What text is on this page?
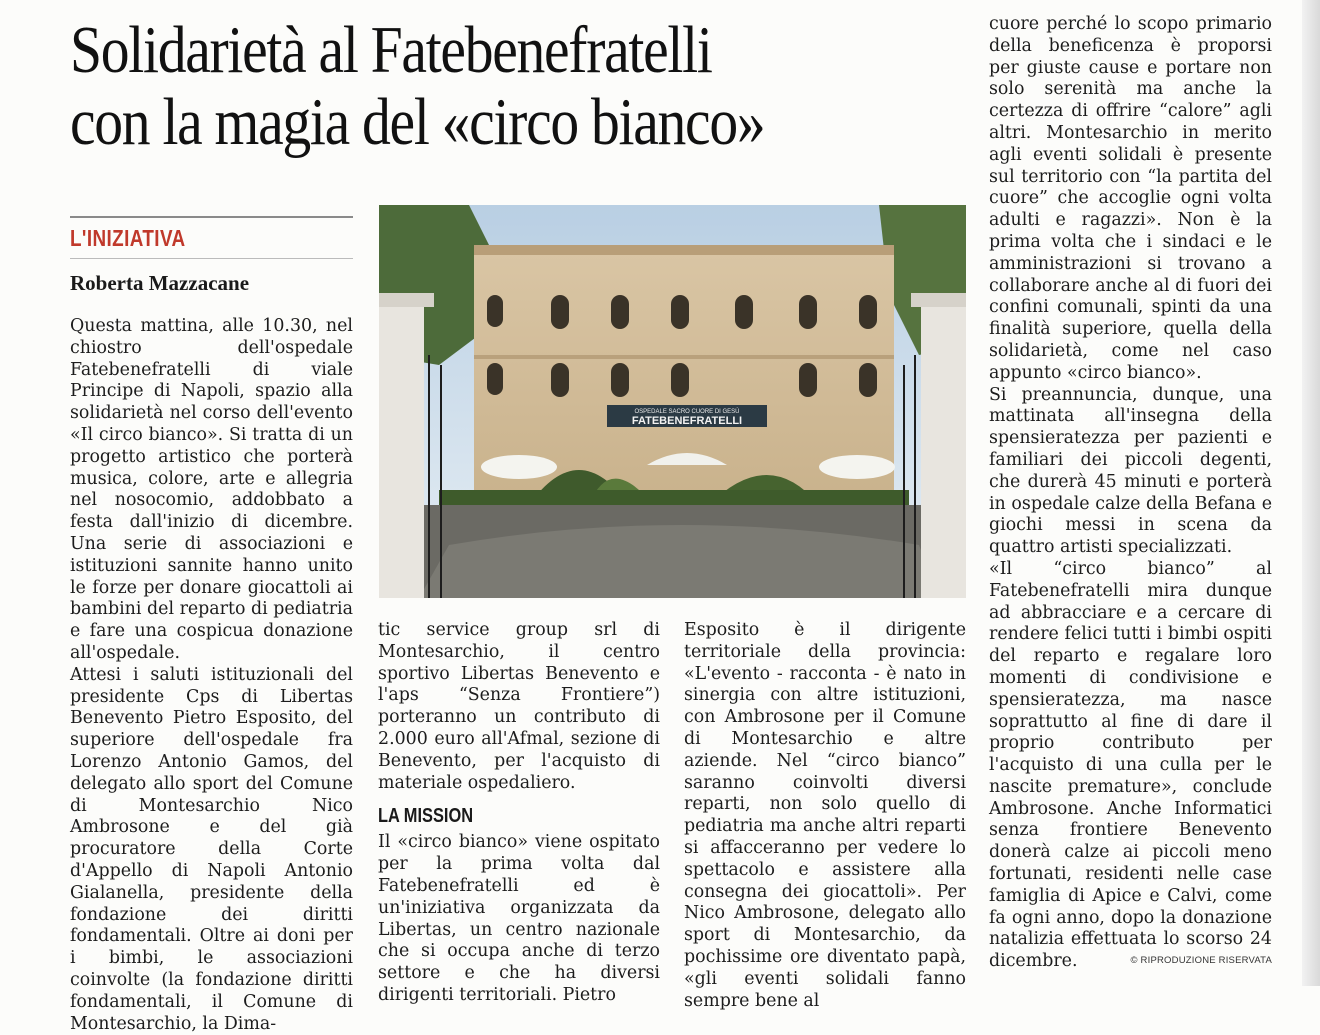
Solidarietà al Fatebenefratelli
con la magia del «circo bianco»
L'INIZIATIVA
Roberta Mazzacane

Questa mattina, alle 10.30, nel chiostro dell'ospedale Fatebenefratelli di viale Principe di Napoli, spazio alla solidarietà nel corso dell'evento «Il circo bianco». Si tratta di un progetto artistico che porterà musica, colore, arte e allegria nel nosocomio, addobbato a festa dall'inizio di dicembre. Una serie di associazioni e istituzioni sannite hanno unito le forze per donare giocattoli ai bambini del reparto di pediatria e fare una cospicua donazione all'ospedale.

Attesi i saluti istituzionali del presidente Cps di Libertas Benevento Pietro Esposito, del superiore dell'ospedale fra Lorenzo Antonio Gamos, del delegato allo sport del Comune di Montesarchio Nico Ambrosone e del già procuratore della Corte d'Appello di Napoli Antonio Gialanella, presidente della fondazione dei diritti fondamentali. Oltre ai doni per i bimbi, le associazioni coinvolte (la fondazione diritti fondamentali, il Comune di Montesarchio, la Dima-

OSPEDALE SACRO CUORE DI GESÙ
FATEBENEFRATELLI

tic service group srl di Montesarchio, il centro sportivo Libertas Benevento e l'aps “Senza Frontiere”) porteranno un contributo di 2.000 euro all'Afmal, sezione di Benevento, per l'acquisto di materiale ospedaliero.

LA MISSION

Il «circo bianco» viene ospitato per la prima volta dal Fatebenefratelli ed è un'iniziativa organizzata da Libertas, un centro nazionale che si occupa anche di terzo settore e che ha diversi dirigenti territoriali. Pietro

Esposito è il dirigente territoriale della provincia: «L'evento - racconta - è nato in sinergia con altre istituzioni, con Ambrosone per il Comune di Montesarchio e altre aziende. Nel “circo bianco” saranno coinvolti diversi reparti, non solo quello di pediatria ma anche altri reparti si affacceranno per vedere lo spettacolo e assistere alla consegna dei giocattoli». Per Nico Ambrosone, delegato allo sport di Montesarchio, da pochissime ore diventato papà, «gli eventi solidali fanno sempre bene al

cuore perché lo scopo primario della beneficenza è proporsi per giuste cause e portare non solo serenità ma anche la certezza di offrire “calore” agli altri. Montesarchio in merito agli eventi solidali è presente sul territorio con “la partita del cuore” che accoglie ogni volta adulti e ragazzi». Non è la prima volta che i sindaci e le amministrazioni si trovano a collaborare anche al di fuori dei confini comunali, spinti da una finalità superiore, quella della solidarietà, come nel caso appunto «circo bianco».

Si preannuncia, dunque, una mattinata all'insegna della spensieratezza per pazienti e familiari dei piccoli degenti, che durerà 45 minuti e porterà in ospedale calze della Befana e giochi messi in scena da quattro artisti specializzati.

«Il “circo bianco” al Fatebenefratelli mira dunque ad abbracciare e a cercare di rendere felici tutti i bimbi ospiti del reparto e regalare loro momenti di condivisione e spensieratezza, ma nasce soprattutto al fine di dare il proprio contributo per l'acquisto di una culla per le nascite premature», conclude Ambrosone. Anche Informatici senza frontiere Benevento donerà calze ai piccoli meno fortunati, residenti nelle case famiglia di Apice e Calvi, come fa ogni anno, dopo la donazione natalizia effettuata lo scorso 24 dicembre.	© RIPRODUZIONE RISERVATA
